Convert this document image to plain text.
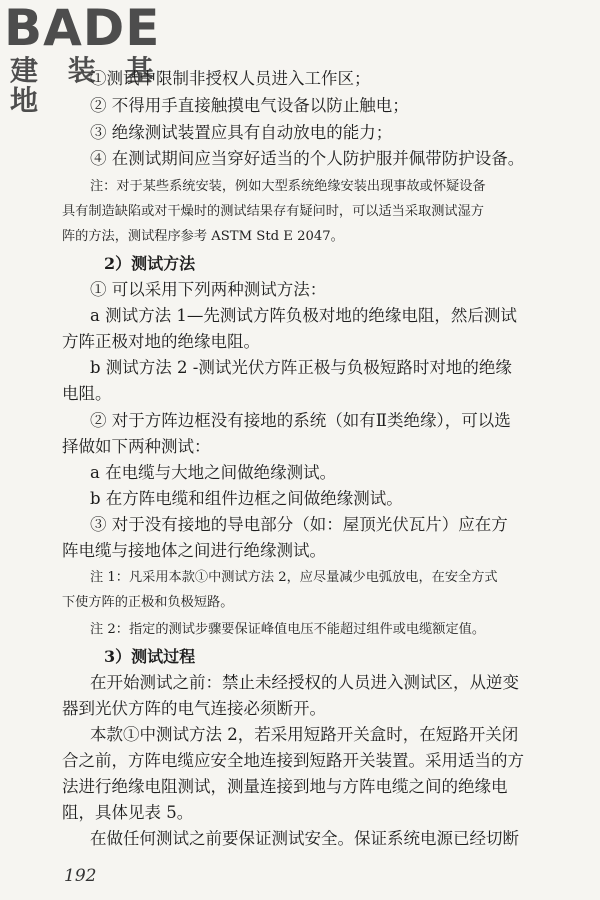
BADE
建 装 基 地
①测试中限制非授权人员进入工作区；
② 不得用手直接触摸电气设备以防止触电；
③ 绝缘测试装置应具有自动放电的能力；
④ 在测试期间应当穿好适当的个人防护服并佩带防护设备。
注：对于某些系统安装，例如大型系统绝缘安装出现事故或怀疑设备
具有制造缺陷或对干燥时的测试结果存有疑问时，可以适当采取测试湿方
阵的方法，测试程序参考 ASTM Std E 2047。
2）测试方法
① 可以采用下列两种测试方法：
a 测试方法 1—先测试方阵负极对地的绝缘电阻，然后测试
方阵正极对地的绝缘电阻。
b 测试方法 2 -测试光伏方阵正极与负极短路时对地的绝缘
电阻。
② 对于方阵边框没有接地的系统（如有Ⅱ类绝缘），可以选
择做如下两种测试：
a 在电缆与大地之间做绝缘测试。
b 在方阵电缆和组件边框之间做绝缘测试。
③ 对于没有接地的导电部分（如：屋顶光伏瓦片）应在方
阵电缆与接地体之间进行绝缘测试。
注 1：凡采用本款①中测试方法 2，应尽量减少电弧放电，在安全方式
下使方阵的正极和负极短路。
注 2：指定的测试步骤要保证峰值电压不能超过组件或电缆额定值。
3）测试过程
在开始测试之前：禁止未经授权的人员进入测试区，从逆变
器到光伏方阵的电气连接必须断开。
本款①中测试方法 2，若采用短路开关盒时，在短路开关闭
合之前，方阵电缆应安全地连接到短路开关装置。采用适当的方
法进行绝缘电阻测试，测量连接到地与方阵电缆之间的绝缘电
阻，具体见表 5。
在做任何测试之前要保证测试安全。保证系统电源已经切断
192
